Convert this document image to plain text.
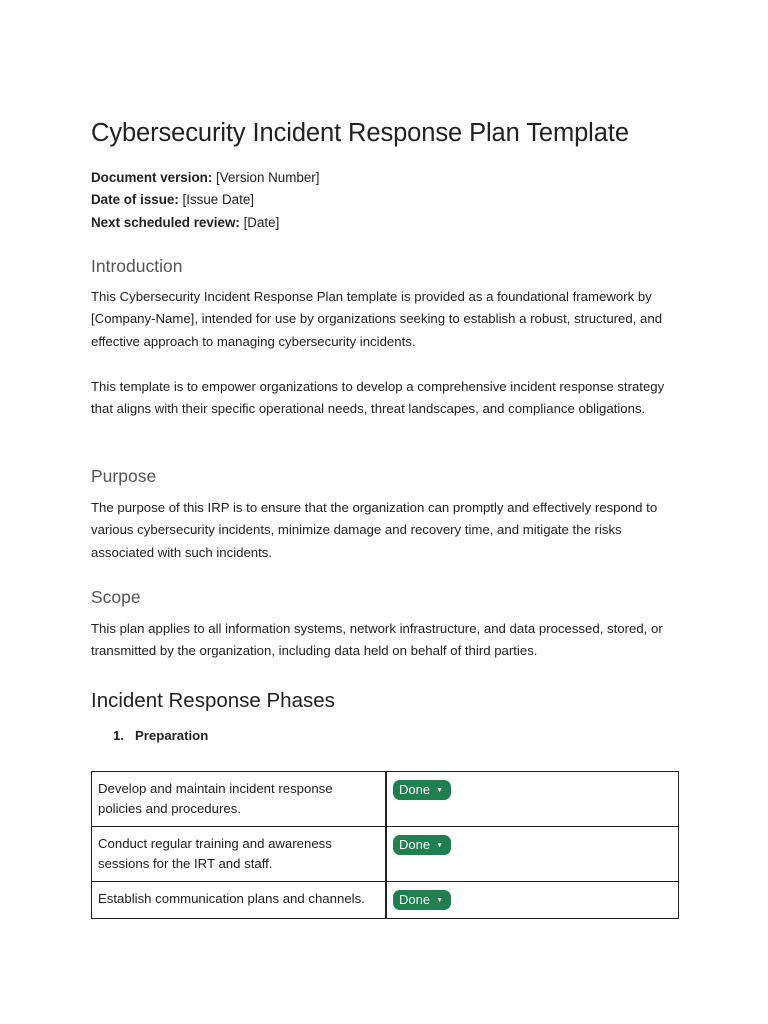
Cybersecurity Incident Response Plan Template
Document version: [Version Number]
Date of issue: [Issue Date]
Next scheduled review: [Date]
Introduction

This Cybersecurity Incident Response Plan template is provided as a foundational framework by [Company-Name], intended for use by organizations seeking to establish a robust, structured, and effective approach to managing cybersecurity incidents.

This template is to empower organizations to develop a comprehensive incident response strategy that aligns with their specific operational needs, threat landscapes, and compliance obligations.

Purpose

The purpose of this IRP is to ensure that the organization can promptly and effectively respond to various cybersecurity incidents, minimize damage and recovery time, and mitigate the risks associated with such incidents.

Scope

This plan applies to all information systems, network infrastructure, and data processed, stored, or transmitted by the organization, including data held on behalf of third parties.

Incident Response Phases
1. Preparation
Develop and maintain incident response policies and procedures.	Done ▼
Conduct regular training and awareness sessions for the IRT and staff.	Done ▼
Establish communication plans and channels.	Done ▼
